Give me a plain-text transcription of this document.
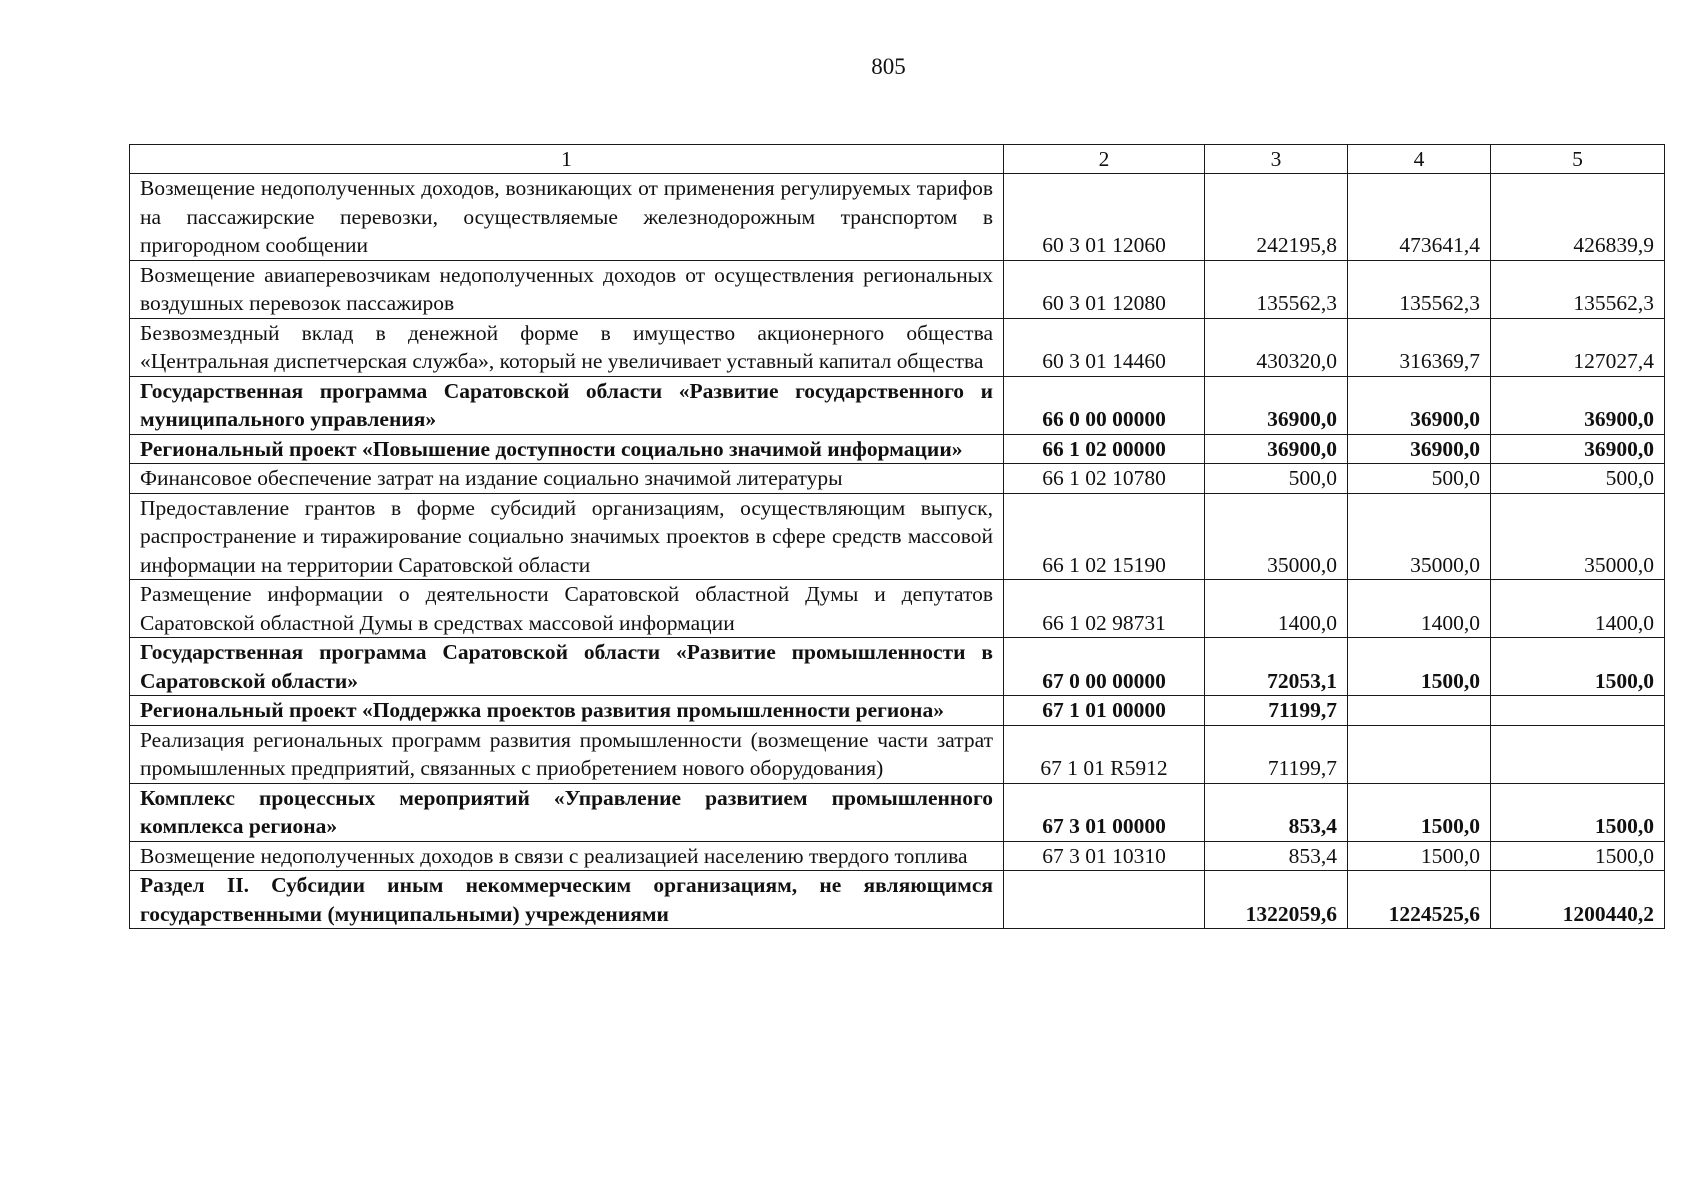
805
1	2	3	4	5
Возмещение недополученных доходов, возникающих от применения регулируемых тарифов на пассажирские перевозки, осуществляемые железнодорожным транспортом в пригородном сообщении	60 3 01 12060	242195,8	473641,4	426839,9
Возмещение авиаперевозчикам недополученных доходов от осуществления региональных воздушных перевозок пассажиров	60 3 01 12080	135562,3	135562,3	135562,3
Безвозмездный вклад в денежной форме в имущество акционерного общества «Центральная диспетчерская служба», который не увеличивает уставный капитал общества	60 3 01 14460	430320,0	316369,7	127027,4
Государственная программа Саратовской области «Развитие государственного и муниципального управления»	66 0 00 00000	36900,0	36900,0	36900,0
Региональный проект «Повышение доступности социально значимой информации»	66 1 02 00000	36900,0	36900,0	36900,0
Финансовое обеспечение затрат на издание социально значимой литературы	66 1 02 10780	500,0	500,0	500,0
Предоставление грантов в форме субсидий организациям, осуществляющим выпуск, распространение и тиражирование социально значимых проектов в сфере средств массовой информации на территории Саратовской области	66 1 02 15190	35000,0	35000,0	35000,0
Размещение информации о деятельности Саратовской областной Думы и депутатов Саратовской областной Думы в средствах массовой информации	66 1 02 98731	1400,0	1400,0	1400,0
Государственная программа Саратовской области «Развитие промышленности в Саратовской области»	67 0 00 00000	72053,1	1500,0	1500,0
Региональный проект «Поддержка проектов развития промышленности региона»	67 1 01 00000	71199,7		
Реализация региональных программ развития промышленности (возмещение части затрат промышленных предприятий, связанных с приобретением нового оборудования)	67 1 01 R5912	71199,7		
Комплекс процессных мероприятий «Управление развитием промышленного комплекса региона»	67 3 01 00000	853,4	1500,0	1500,0
Возмещение недополученных доходов в связи с реализацией населению твердого топлива	67 3 01 10310	853,4	1500,0	1500,0
Раздел II. Субсидии иным некоммерческим организациям, не являющимся государственными (муниципальными) учреждениями		1322059,6	1224525,6	1200440,2
